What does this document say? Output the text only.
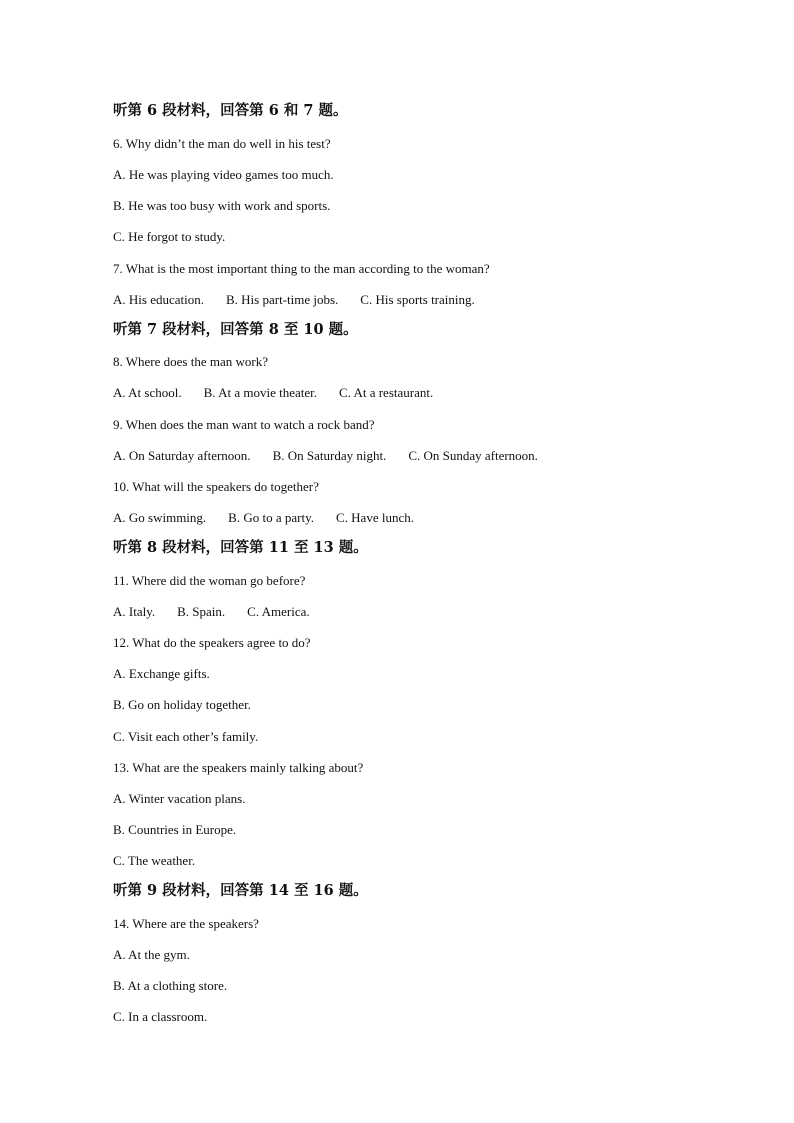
听第 6 段材料，回答第 6 和 7 题。
6. Why didn’t the man do well in his test?
A. He was playing video games too much.
B. He was too busy with work and sports.
C. He forgot to study.
7. What is the most important thing to the man according to the woman?
A. His education. B. His part-time jobs. C. His sports training.
听第 7 段材料，回答第 8 至 10 题。
8. Where does the man work?
A. At school. B. At a movie theater. C. At a restaurant.
9. When does the man want to watch a rock band?
A. On Saturday afternoon. B. On Saturday night. C. On Sunday afternoon.
10. What will the speakers do together?
A. Go swimming. B. Go to a party. C. Have lunch.
听第 8 段材料，回答第 11 至 13 题。
11. Where did the woman go before?
A. Italy. B. Spain. C. America.
12. What do the speakers agree to do?
A. Exchange gifts.
B. Go on holiday together.
C. Visit each other’s family.
13. What are the speakers mainly talking about?
A. Winter vacation plans.
B. Countries in Europe.
C. The weather.
听第 9 段材料，回答第 14 至 16 题。
14. Where are the speakers?
A. At the gym.
B. At a clothing store.
C. In a classroom.
